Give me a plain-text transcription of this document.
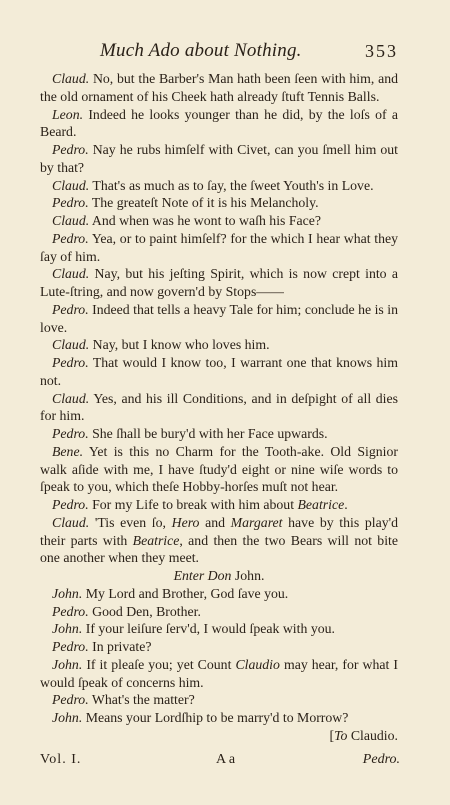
Much Ado about Nothing.	353

Claud. No, but the Barber's Man hath been ſeen with him, and the old ornament of his Cheek hath already ſtuft Tennis Balls.

Leon. Indeed he looks younger than he did, by the loſs of a Beard.

Pedro. Nay he rubs himſelf with Civet, can you ſmell him out by that?

Claud. That's as much as to ſay, the ſweet Youth's in Love.

Pedro. The greateſt Note of it is his Melancholy.

Claud. And when was he wont to waſh his Face?

Pedro. Yea, or to paint himſelf? for the which I hear what they ſay of him.

Claud. Nay, but his jeſting Spirit, which is now crept into a Lute-ſtring, and now govern'd by Stops——

Pedro. Indeed that tells a heavy Tale for him; conclude he is in love.

Claud. Nay, but I know who loves him.

Pedro. That would I know too, I warrant one that knows him not.

Claud. Yes, and his ill Conditions, and in deſpight of all dies for him.

Pedro. She ſhall be bury'd with her Face upwards.

Bene. Yet is this no Charm for the Tooth-ake. Old Signior walk aſide with me, I have ſtudy'd eight or nine wiſe words to ſpeak to you, which theſe Hobby-horſes muſt not hear.

Pedro. For my Life to break with him about Beatrice.

Claud. 'Tis even ſo, Hero and Margaret have by this play'd their parts with Beatrice, and then the two Bears will not bite one another when they meet.

Enter Don John.

John. My Lord and Brother, God ſave you.

Pedro. Good Den, Brother.

John. If your leiſure ſerv'd, I would ſpeak with you.

Pedro. In private?

John. If it pleaſe you; yet Count Claudio may hear, for what I would ſpeak of concerns him.

Pedro. What's the matter?

John. Means your Lordſhip to be marry'd to Morrow?

[To Claudio.

Vol. I.	A a	Pedro.
